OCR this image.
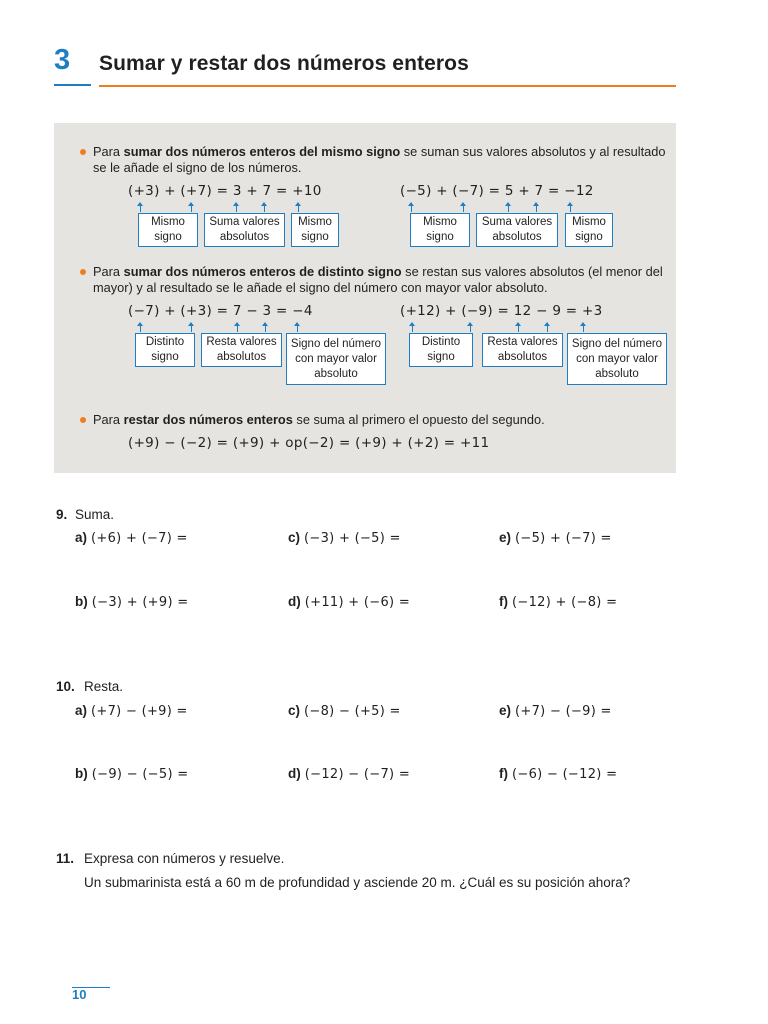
3 Sumar y restar dos números enteros
Para sumar dos números enteros del mismo signo se suman sus valores absolutos y al resultado
se le añade el signo de los números.
(+3) + (+7) = 3 + 7 = +10	(−5) + (−7) = 5 + 7 = −12
Mismo
signo
Suma valores
absolutos
Mismo
signo
Mismo
signo
Suma valores
absolutos
Mismo
signo
Para sumar dos números enteros de distinto signo se restan sus valores absolutos (el menor del
mayor) y al resultado se le añade el signo del número con mayor valor absoluto.
(−7) + (+3) = 7 − 3 = −4	(+12) + (−9) = 12 − 9 = +3
Distinto
signo
Resta valores
absolutos
Signo del número
con mayor valor
absoluto
Distinto
signo
Resta valores
absolutos
Signo del número
con mayor valor
absoluto
Para restar dos números enteros se suma al primero el opuesto del segundo.
(+9) − (−2) = (+9) + op(−2) = (+9) + (+2) = +11
9. Suma.
a) (+6) + (−7) =	c) (−3) + (−5) =	e) (−5) + (−7) =
b) (−3) + (+9) =	d) (+11) + (−6) =	f) (−12) + (−8) =
10. Resta.
a) (+7) − (+9) =	c) (−8) − (+5) =	e) (+7) − (−9) =
b) (−9) − (−5) =	d) (−12) − (−7) =	f) (−6) − (−12) =
11. Expresa con números y resuelve.
Un submarinista está a 60 m de profundidad y asciende 20 m. ¿Cuál es su posición ahora?
10
